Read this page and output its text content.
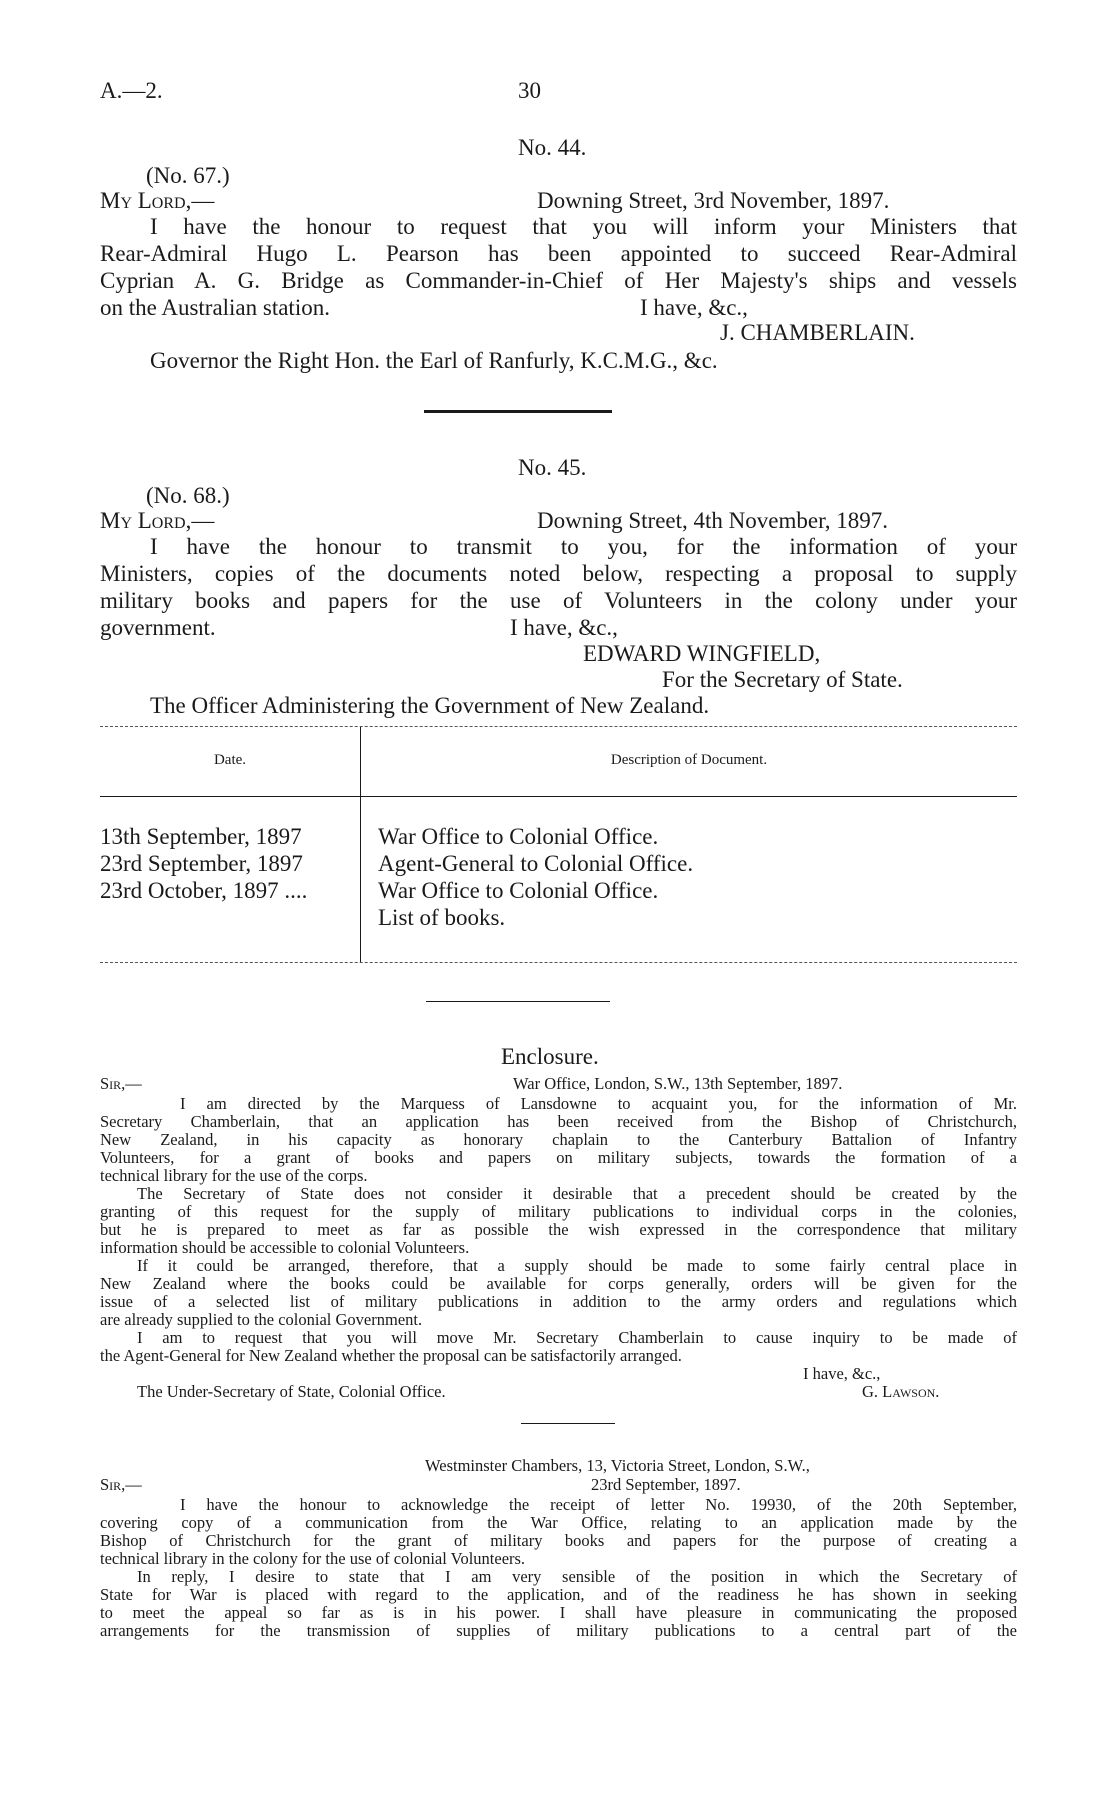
A.—2.	30
No. 44.
(No. 67.)
My Lord,—	Downing Street, 3rd November, 1897.
I have the honour to request that you will inform your Ministers that
Rear-Admiral Hugo L. Pearson has been appointed to succeed Rear-Admiral
Cyprian A. G. Bridge as Commander-in-Chief of Her Majesty's ships and vessels
on the Australian station.	I have, &c.,
J. CHAMBERLAIN.
Governor the Right Hon. the Earl of Ranfurly, K.C.M.G., &c.
No. 45.
(No. 68.)
My Lord,—	Downing Street, 4th November, 1897.
I have the honour to transmit to you, for the information of your
Ministers, copies of the documents noted below, respecting a proposal to supply
military books and papers for the use of Volunteers in the colony under your
government.	I have, &c.,
EDWARD WINGFIELD,
For the Secretary of State.
The Officer Administering the Government of New Zealand.
Date.	Description of Document.
13th September, 1897	War Office to Colonial Office.
23rd September, 1897	Agent-General to Colonial Office.
23rd October, 1897 ....	War Office to Colonial Office.
List of books.
Enclosure.
Sir,—	War Office, London, S.W., 13th September, 1897.
I am directed by the Marquess of Lansdowne to acquaint you, for the information of Mr.
Secretary Chamberlain, that an application has been received from the Bishop of Christchurch,
New Zealand, in his capacity as honorary chaplain to the Canterbury Battalion of Infantry
Volunteers, for a grant of books and papers on military subjects, towards the formation of a
technical library for the use of the corps.
The Secretary of State does not consider it desirable that a precedent should be created by the
granting of this request for the supply of military publications to individual corps in the colonies,
but he is prepared to meet as far as possible the wish expressed in the correspondence that military
information should be accessible to colonial Volunteers.
If it could be arranged, therefore, that a supply should be made to some fairly central place in
New Zealand where the books could be available for corps generally, orders will be given for the
issue of a selected list of military publications in addition to the army orders and regulations which
are already supplied to the colonial Government.
I am to request that you will move Mr. Secretary Chamberlain to cause inquiry to be made of
the Agent-General for New Zealand whether the proposal can be satisfactorily arranged.
I have, &c.,
The Under-Secretary of State, Colonial Office.	G. Lawson.
Westminster Chambers, 13, Victoria Street, London, S.W.,
Sir,—	23rd September, 1897.
I have the honour to acknowledge the receipt of letter No. 19930, of the 20th September,
covering copy of a communication from the War Office, relating to an application made by the
Bishop of Christchurch for the grant of military books and papers for the purpose of creating a
technical library in the colony for the use of colonial Volunteers.
In reply, I desire to state that I am very sensible of the position in which the Secretary of
State for War is placed with regard to the application, and of the readiness he has shown in seeking
to meet the appeal so far as is in his power. I shall have pleasure in communicating the proposed
arrangements for the transmission of supplies of military publications to a central part of the
